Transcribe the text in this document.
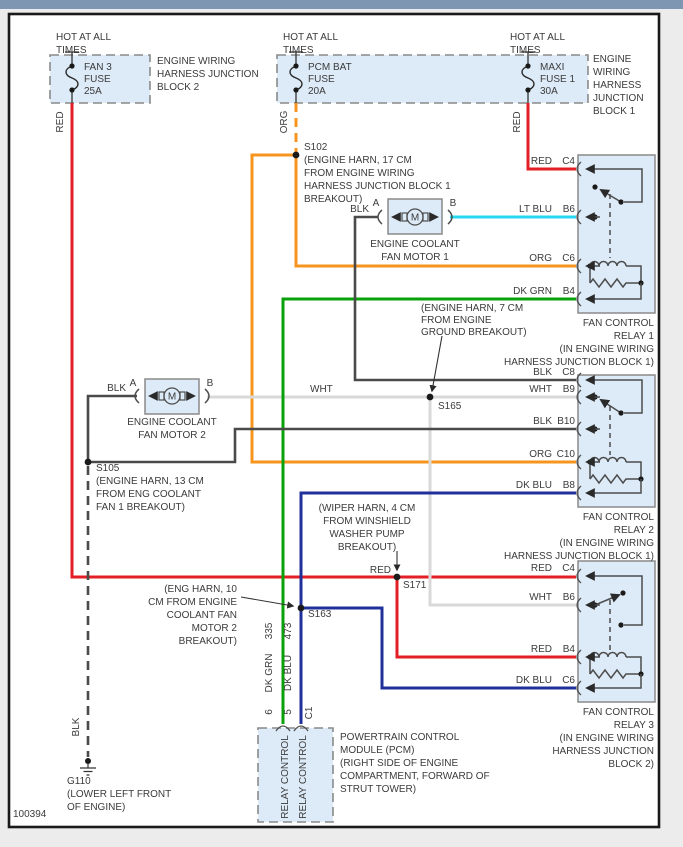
M
M
HOT AT ALL
TIMES
HOT AT ALL
TIMES
HOT AT ALL
TIMES
FAN 3
FUSE
25A
PCM BAT
FUSE
20A
MAXI
FUSE 1
30A
ENGINE WIRING
HARNESS JUNCTION
BLOCK 2
ENGINE
WIRING
HARNESS
JUNCTION
BLOCK 1
RED	ORG	RED
BLK
S102
(ENGINE HARN, 17 CM
FROM ENGINE WIRING
HARNESS JUNCTION BLOCK 1
BREAKOUT)
BLK
A	B
ENGINE COOLANT
FAN MOTOR 1
BLK A	B
ENGINE COOLANT
FAN MOTOR 2
WHT
(ENGINE HARN, 7 CM
FROM ENGINE
GROUND BREAKOUT)
S165
S105
(ENGINE HARN, 13 CM
FROM ENG COOLANT
FAN 1 BREAKOUT)
(ENG HARN, 10
CM FROM ENGINE
COOLANT FAN
MOTOR 2
BREAKOUT)
S163
(WIPER HARN, 4 CM
FROM WINSHIELD
WASHER PUMP
BREAKOUT)
RED
S171
RED C4
LT BLU B6
ORG C6
DK GRN B4
FAN CONTROL
RELAY 1
(IN ENGINE WIRING
HARNESS JUNCTION BLOCK 1)
BLK C8
WHT B9
BLK B10
ORG C10
DK BLU B8
FAN CONTROL
RELAY 2
(IN ENGINE WIRING
HARNESS JUNCTION BLOCK 1)
RED C4
WHT B6
RED B4
DK BLU C6
FAN CONTROL
RELAY 3
(IN ENGINE WIRING
HARNESS JUNCTION
BLOCK 2)
335 473
DK GRN DK BLU
6 5 C1
RELAY CONTROL RELAY CONTROL	POWERTRAIN CONTROL
MODULE (PCM)
(RIGHT SIDE OF ENGINE
COMPARTMENT, FORWARD OF
STRUT TOWER)
G110
(LOWER LEFT FRONT
OF ENGINE)
100394
